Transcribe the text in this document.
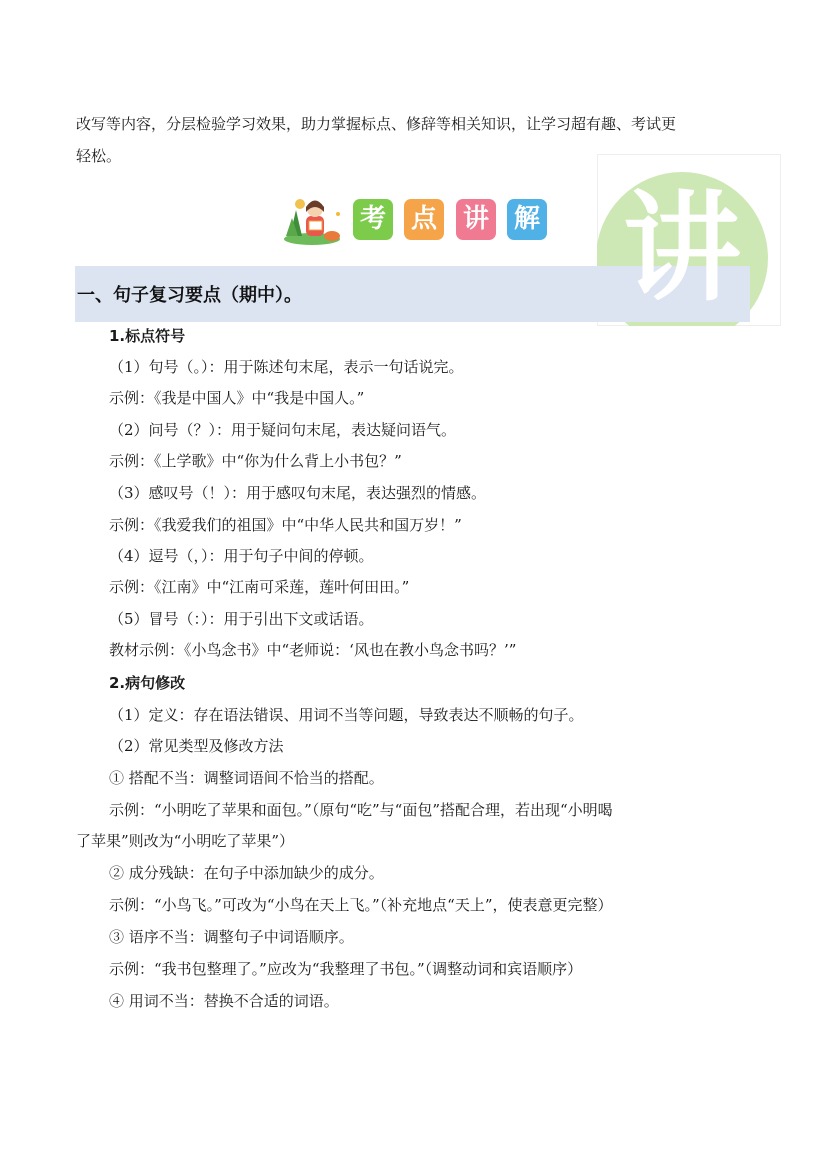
改写等内容，分层检验学习效果，助力掌握标点、修辞等相关知识，让学习超有趣、考试更
轻松。
一、句子复习要点（期中）。	讲
考 点 讲 解
1.标点符号
（1）句号（。）：用于陈述句末尾，表示一句话说完。
示例：《我是中国人》中“我是中国人。”
（2）问号（？）：用于疑问句末尾，表达疑问语气。
示例：《上学歌》中“你为什么背上小书包？”
（3）感叹号（！）：用于感叹句末尾，表达强烈的情感。
示例：《我爱我们的祖国》中“中华人民共和国万岁！”
（4）逗号（，）：用于句子中间的停顿。
示例：《江南》中“江南可采莲，莲叶何田田。”
（5）冒号（：）：用于引出下文或话语。
教材示例：《小鸟念书》中“老师说：‘风也在教小鸟念书吗？’”
2.病句修改
（1）定义：存在语法错误、用词不当等问题，导致表达不顺畅的句子。
（2）常见类型及修改方法
① 搭配不当：调整词语间不恰当的搭配。
示例：“小明吃了苹果和面包。”（原句“吃”与“面包”搭配合理，若出现“小明喝
了苹果”则改为“小明吃了苹果”）
② 成分残缺：在句子中添加缺少的成分。
示例：“小鸟飞。”可改为“小鸟在天上飞。”（补充地点“天上”，使表意更完整）
③ 语序不当：调整句子中词语顺序。
示例：“我书包整理了。”应改为“我整理了书包。”（调整动词和宾语顺序）
④ 用词不当：替换不合适的词语。
